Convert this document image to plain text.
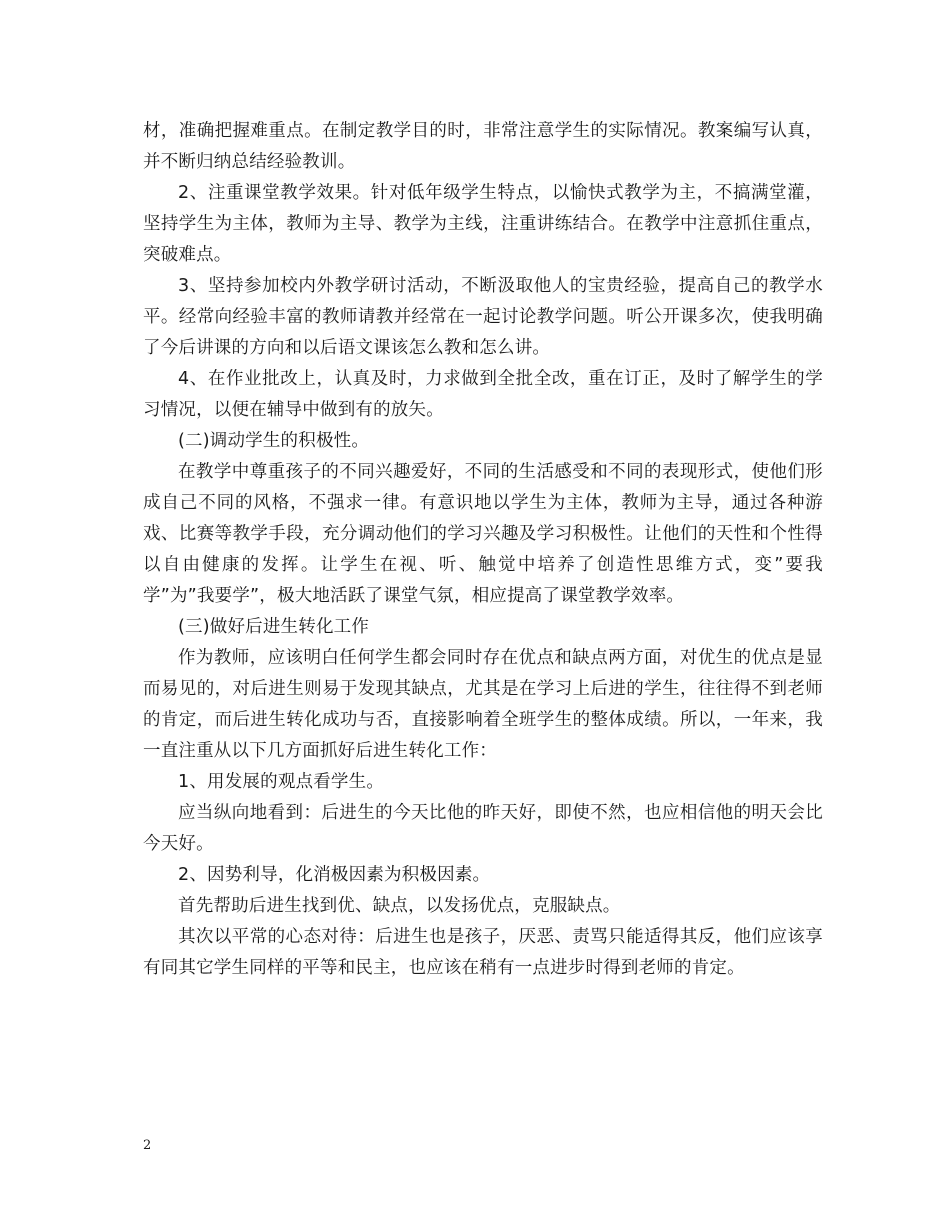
材，准确把握难重点。在制定教学目的时，非常注意学生的实际情况。教案编写认真，并不断归纳总结经验教训。

2、注重课堂教学效果。针对低年级学生特点，以愉快式教学为主，不搞满堂灌，坚持学生为主体，教师为主导、教学为主线，注重讲练结合。在教学中注意抓住重点，突破难点。

3、坚持参加校内外教学研讨活动，不断汲取他人的宝贵经验，提高自己的教学水平。经常向经验丰富的教师请教并经常在一起讨论教学问题。听公开课多次，使我明确了今后讲课的方向和以后语文课该怎么教和怎么讲。

4、在作业批改上，认真及时，力求做到全批全改，重在订正，及时了解学生的学习情况，以便在辅导中做到有的放矢。

(二)调动学生的积极性。

在教学中尊重孩子的不同兴趣爱好，不同的生活感受和不同的表现形式，使他们形成自己不同的风格，不强求一律。有意识地以学生为主体，教师为主导，通过各种游戏、比赛等教学手段，充分调动他们的学习兴趣及学习积极性。让他们的天性和个性得以自由健康的发挥。让学生在视、听、触觉中培养了创造性思维方式，变”要我学”为”我要学”，极大地活跃了课堂气氛，相应提高了课堂教学效率。

(三)做好后进生转化工作

作为教师，应该明白任何学生都会同时存在优点和缺点两方面，对优生的优点是显而易见的，对后进生则易于发现其缺点，尤其是在学习上后进的学生，往往得不到老师的肯定，而后进生转化成功与否，直接影响着全班学生的整体成绩。所以，一年来，我一直注重从以下几方面抓好后进生转化工作：

1、用发展的观点看学生。

应当纵向地看到：后进生的今天比他的昨天好，即使不然，也应相信他的明天会比今天好。

2、因势利导，化消极因素为积极因素。

首先帮助后进生找到优、缺点，以发扬优点，克服缺点。

其次以平常的心态对待：后进生也是孩子，厌恶、责骂只能适得其反，他们应该享有同其它学生同样的平等和民主，也应该在稍有一点进步时得到老师的肯定。

2
